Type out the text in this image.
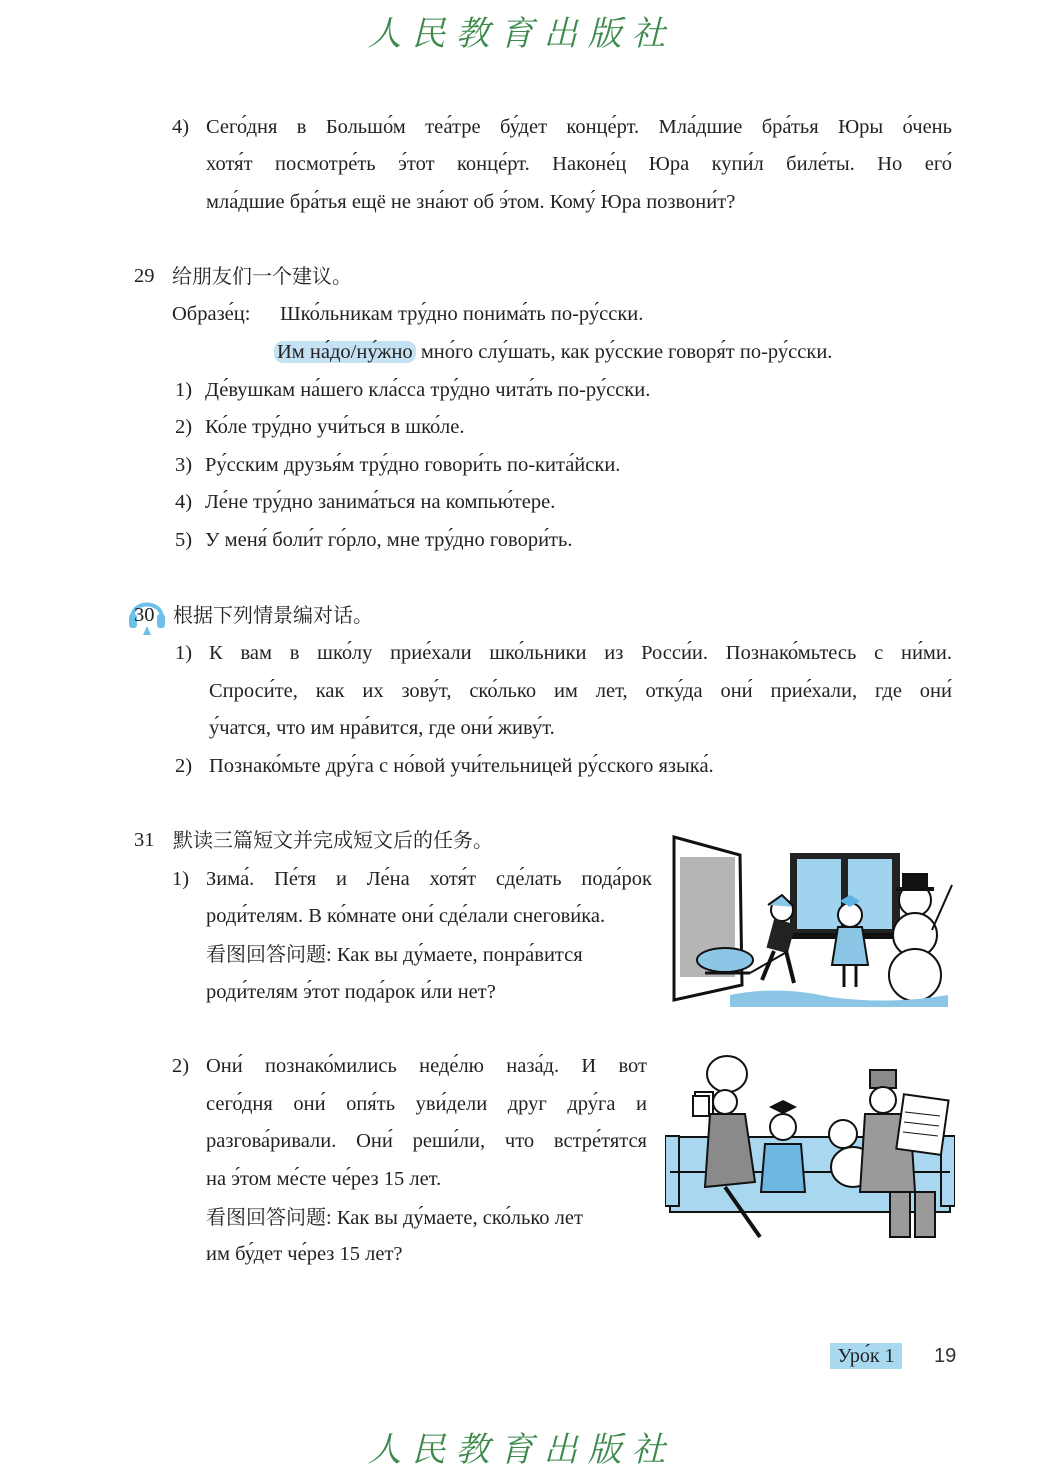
人民教育出版社
4) Сего́дня в Большо́м теа́тре бу́дет конце́рт. Мла́дшие бра́тья Юры о́чень
хотя́т посмотре́ть э́тот конце́рт. Наконе́ц Юра купи́л биле́ты. Но его́
мла́дшие бра́тья ещё не зна́ют об э́том. Кому́ Юра позвони́т?
29 给朋友们一个建议。
Образе́ц: Шко́льникам тру́дно понима́ть по-ру́сски.
Им на́до/ну́жно мно́го слу́шать, как ру́сские говоря́т по-ру́сски.
1) Де́вушкам на́шего кла́сса тру́дно чита́ть по-ру́сски.
2) Ко́ле тру́дно учи́ться в шко́ле.
3) Ру́сским друзья́м тру́дно говори́ть по-кита́йски.
4) Ле́не тру́дно занима́ться на компью́тере.
5) У меня́ боли́т го́рло, мне тру́дно говори́ть.
30 根据下列情景编对话。
1) К вам в шко́лу прие́хали шко́льники из Росси́и. Познако́мьтесь с ни́ми.
Спроси́те, как их зову́т, ско́лько им лет, отку́да они́ прие́хали, где они́
у́чатся, что им нра́вится, где они́ живу́т.
2) Познако́мьте дру́га с но́вой учи́тельницей ру́сского языка́.
31 默读三篇短文并完成短文后的任务。
1) Зима́. Пе́тя и Ле́на хотя́т сде́лать пода́рок
роди́телям. В ко́мнате они́ сде́лали снегови́ка.
看图回答问题: Как вы ду́маете, понра́вится
роди́телям э́тот пода́рок и́ли нет?
2) Они́ познако́мились неде́лю наза́д. И вот
сего́дня они́ опя́ть уви́дели друг дру́га и
разгова́ривали. Они́ реши́ли, что встре́тятся
на э́том ме́сте че́рез 15 лет.
看图回答问题: Как вы ду́маете, ско́лько лет
им бу́дет че́рез 15 лет?
Уро́к 1	19
人民教育出版社
